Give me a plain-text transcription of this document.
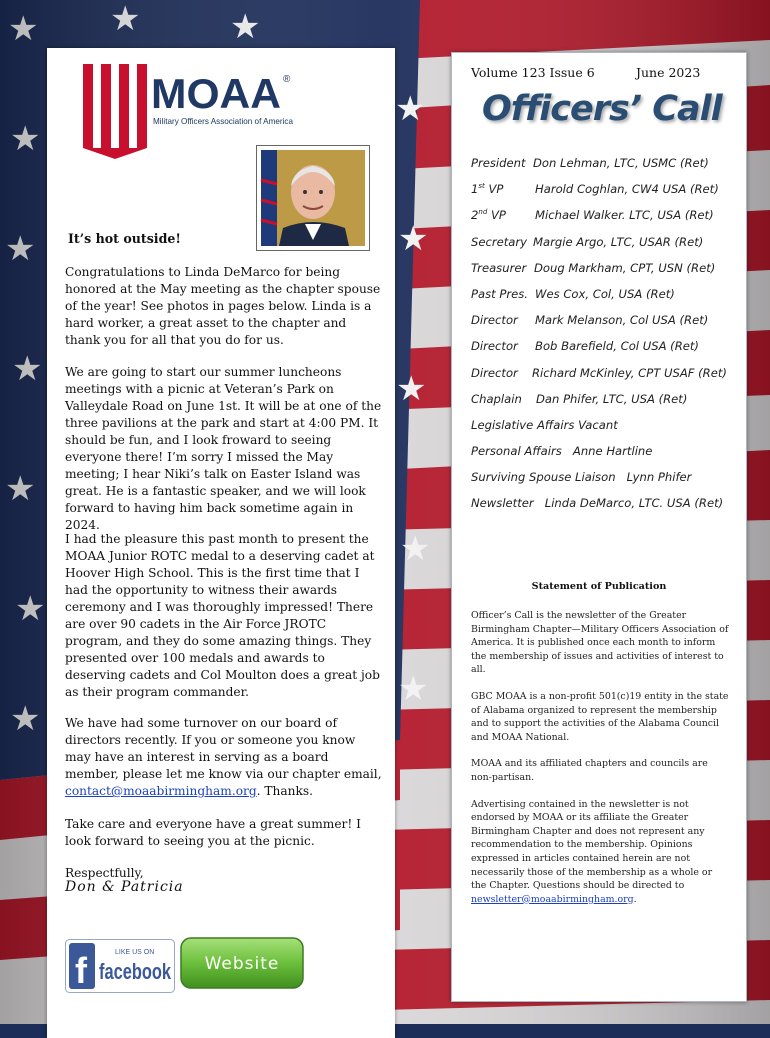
MOAA ®
Military Officers Association of America
It’s hot outside!
Congratulations to Linda DeMarco for being honored at the May meeting as the chapter spouse of the year! See photos in pages below. Linda is a hard worker, a great asset to the chapter and thank you for all that you do for us.
We are going to start our summer luncheons meetings with a picnic at Veteran’s Park on Valleydale Road on June 1st. It will be at one of the three pavilions at the park and start at 4:00 PM. It should be fun, and I look froward to seeing everyone there! I’m sorry I missed the May meeting; I hear Niki’s talk on Easter Island was great. He is a fantastic speaker, and we will look forward to having him back sometime again in 2024.
I had the pleasure this past month to present the MOAA Junior ROTC medal to a deserving cadet at Hoover High School. This is the first time that I had the opportunity to witness their awards ceremony and I was thoroughly impressed! There are over 90 cadets in the Air Force JROTC program, and they do some amazing things. They presented over 100 medals and awards to deserving cadets and Col Moulton does a great job as their program commander.
We have had some turnover on our board of directors recently. If you or someone you know may have an interest in serving as a board member, please let me know via our chapter email, contact@moaabirmingham.org. Thanks.
Take care and everyone have a great summer! I look forward to seeing you at the picnic.
Respectfully,
Don & Patricia
f	LIKE US ON
facebook Website
Volume 123 Issue 6	June 2023
Officers’ Call
President Don Lehman, LTC, USMC (Ret)
1st VP	Harold Coghlan, CW4 USA (Ret)
2nd VP	Michael Walker. LTC, USA (Ret)
Secretary Margie Argo, LTC, USAR (Ret)
Treasurer Doug Markham, CPT, USN (Ret)
Past Pres. Wes Cox, Col, USA (Ret)
Director Mark Melanson, Col USA (Ret)
Director Bob Barefield, Col USA (Ret)
Director Richard McKinley, CPT USAF (Ret)
Chaplain Dan Phifer, LTC, USA (Ret)
Legislative Affairs Vacant
Personal Affairs Anne Hartline
Surviving Spouse Liaison Lynn Phifer
Newsletter Linda DeMarco, LTC. USA (Ret)
Statement of Publication

Officer’s Call is the newsletter of the Greater Birmingham Chapter—Military Officers Association of America. It is published once each month to inform the membership of issues and activities of interest to all.

GBC MOAA is a non-profit 501(c)19 entity in the state of Alabama organized to represent the membership and to support the activities of the Alabama Council and MOAA National.

MOAA and its affiliated chapters and councils are non-partisan.

Advertising contained in the newsletter is not endorsed by MOAA or its affiliate the Greater Birmingham Chapter and does not represent any recommendation to the membership. Opinions expressed in articles contained herein are not necessarily those of the membership as a whole or the Chapter. Questions should be directed to newsletter@moaabirmingham.org.
